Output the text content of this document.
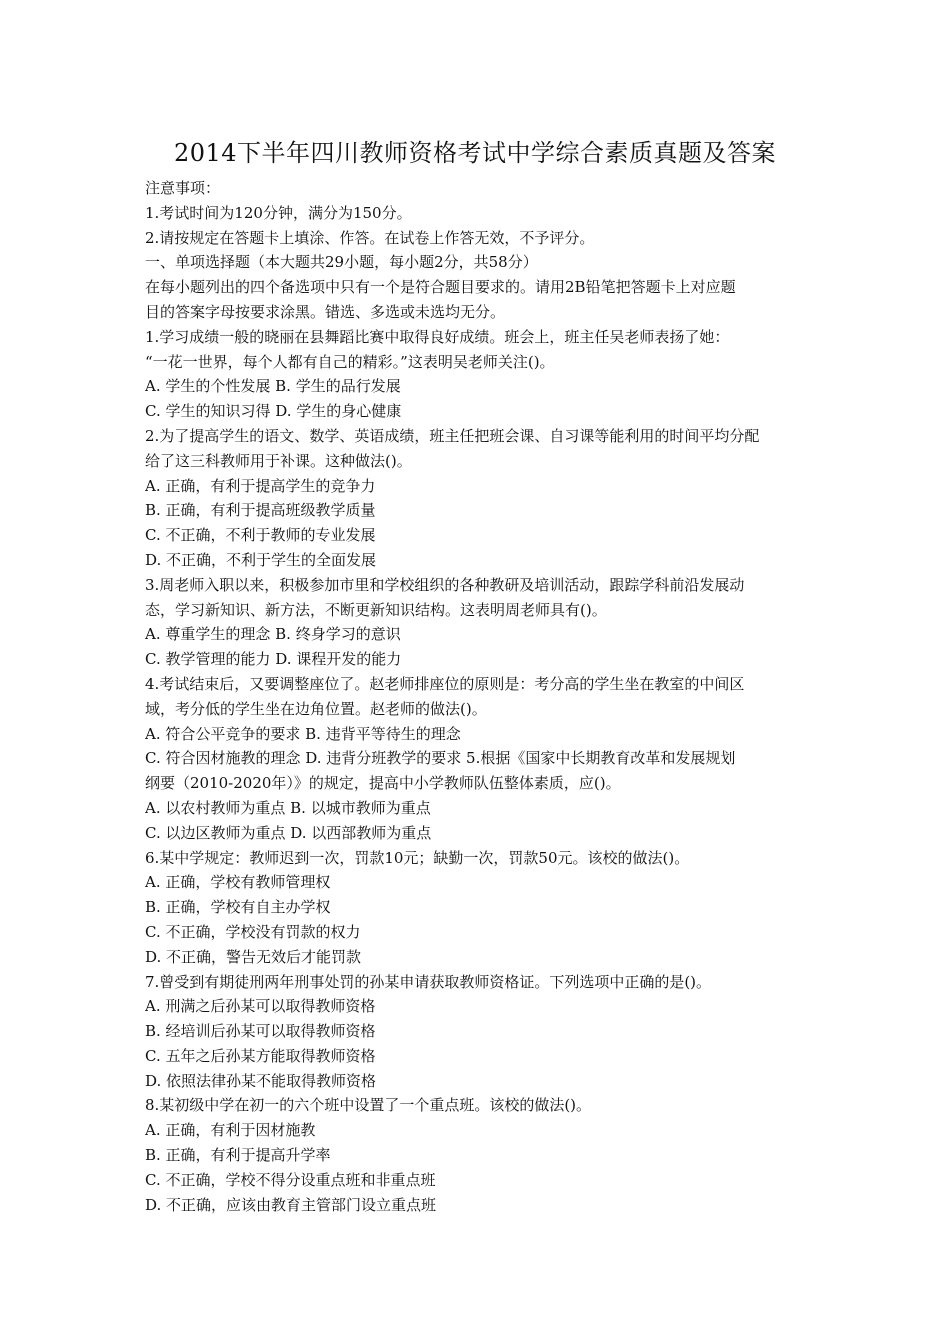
2014下半年四川教师资格考试中学综合素质真题及答案
注意事项：
1.考试时间为120分钟，满分为150分。
2.请按规定在答题卡上填涂、作答。在试卷上作答无效，不予评分。
一、单项选择题（本大题共29小题，每小题2分，共58分）
在每小题列出的四个备选项中只有一个是符合题目要求的。请用2B铅笔把答题卡上对应题
目的答案字母按要求涂黑。错选、多选或未选均无分。
1.学习成绩一般的晓丽在县舞蹈比赛中取得良好成绩。班会上，班主任吴老师表扬了她：
“一花一世界，每个人都有自己的精彩。”这表明吴老师关注()。
A. 学生的个性发展 B. 学生的品行发展
C. 学生的知识习得 D. 学生的身心健康
2.为了提高学生的语文、数学、英语成绩，班主任把班会课、自习课等能利用的时间平均分配
给了这三科教师用于补课。这种做法()。
A. 正确，有利于提高学生的竞争力
B. 正确，有利于提高班级教学质量
C. 不正确，不利于教师的专业发展
D. 不正确，不利于学生的全面发展
3.周老师入职以来，积极参加市里和学校组织的各种教研及培训活动，跟踪学科前沿发展动
态，学习新知识、新方法，不断更新知识结构。这表明周老师具有()。
A. 尊重学生的理念 B. 终身学习的意识
C. 教学管理的能力 D. 课程开发的能力
4.考试结束后，又要调整座位了。赵老师排座位的原则是：考分高的学生坐在教室的中间区
域，考分低的学生坐在边角位置。赵老师的做法()。
A. 符合公平竞争的要求 B. 违背平等待生的理念
C. 符合因材施教的理念 D. 违背分班教学的要求 5.根据《国家中长期教育改革和发展规划
纲要（2010-2020年）》的规定，提高中小学教师队伍整体素质，应()。
A. 以农村教师为重点 B. 以城市教师为重点
C. 以边区教师为重点 D. 以西部教师为重点
6.某中学规定：教师迟到一次，罚款10元；缺勤一次，罚款50元。该校的做法()。
A. 正确，学校有教师管理权
B. 正确，学校有自主办学权
C. 不正确，学校没有罚款的权力
D. 不正确，警告无效后才能罚款
7.曾受到有期徒刑两年刑事处罚的孙某申请获取教师资格证。下列选项中正确的是()。
A. 刑满之后孙某可以取得教师资格
B. 经培训后孙某可以取得教师资格
C. 五年之后孙某方能取得教师资格
D. 依照法律孙某不能取得教师资格
8.某初级中学在初一的六个班中设置了一个重点班。该校的做法()。
A. 正确，有利于因材施教
B. 正确，有利于提高升学率
C. 不正确，学校不得分设重点班和非重点班
D. 不正确，应该由教育主管部门设立重点班
